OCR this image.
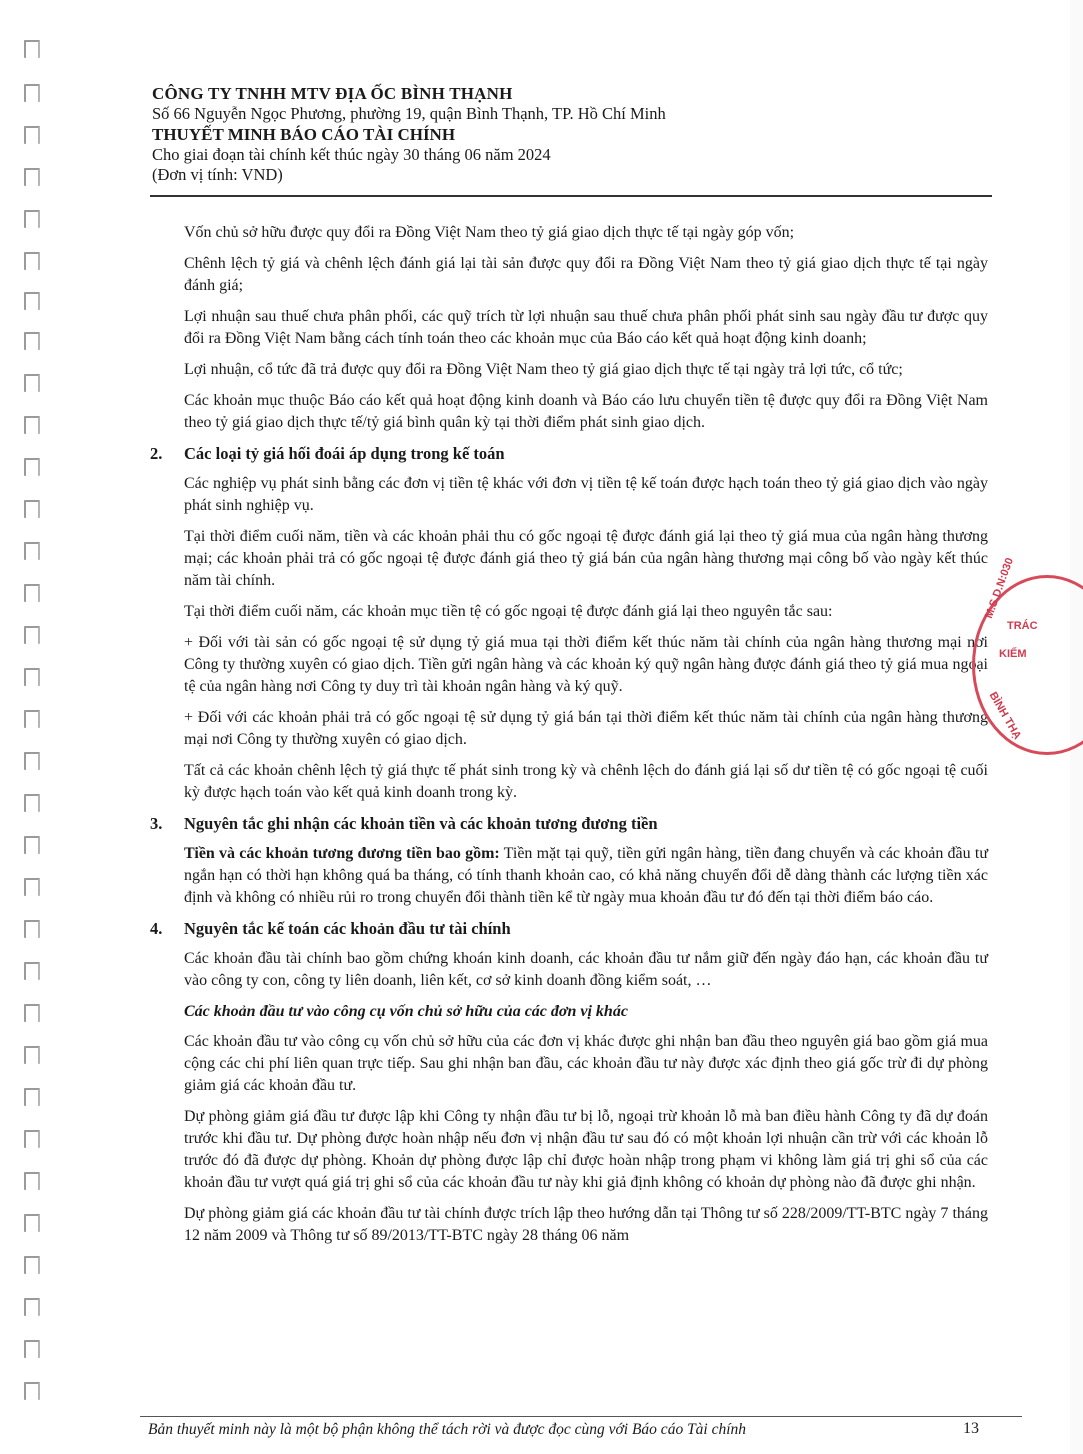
CÔNG TY TNHH MTV ĐỊA ỐC BÌNH THẠNH
Số 66 Nguyễn Ngọc Phương, phường 19, quận Bình Thạnh, TP. Hồ Chí Minh
THUYẾT MINH BÁO CÁO TÀI CHÍNH
Cho giai đoạn tài chính kết thúc ngày 30 tháng 06 năm 2024
(Đơn vị tính: VND)

Vốn chủ sở hữu được quy đổi ra Đồng Việt Nam theo tỷ giá giao dịch thực tế tại ngày góp vốn;

Chênh lệch tỷ giá và chênh lệch đánh giá lại tài sản được quy đổi ra Đồng Việt Nam theo tỷ giá giao dịch thực tế tại ngày đánh giá;

Lợi nhuận sau thuế chưa phân phối, các quỹ trích từ lợi nhuận sau thuế chưa phân phối phát sinh sau ngày đầu tư được quy đổi ra Đồng Việt Nam bằng cách tính toán theo các khoản mục của Báo cáo kết quả hoạt động kinh doanh;

Lợi nhuận, cổ tức đã trả được quy đổi ra Đồng Việt Nam theo tỷ giá giao dịch thực tế tại ngày trả lợi tức, cổ tức;

Các khoản mục thuộc Báo cáo kết quả hoạt động kinh doanh và Báo cáo lưu chuyển tiền tệ được quy đổi ra Đồng Việt Nam theo tỷ giá giao dịch thực tế/tỷ giá bình quân kỳ tại thời điểm phát sinh giao dịch.

2.	Các loại tỷ giá hối đoái áp dụng trong kế toán

Các nghiệp vụ phát sinh bằng các đơn vị tiền tệ khác với đơn vị tiền tệ kế toán được hạch toán theo tỷ giá giao dịch vào ngày phát sinh nghiệp vụ.

Tại thời điểm cuối năm, tiền và các khoản phải thu có gốc ngoại tệ được đánh giá lại theo tỷ giá mua của ngân hàng thương mại; các khoản phải trả có gốc ngoại tệ được đánh giá theo tỷ giá bán của ngân hàng thương mại công bố vào ngày kết thúc năm tài chính.

Tại thời điểm cuối năm, các khoản mục tiền tệ có gốc ngoại tệ được đánh giá lại theo nguyên tắc sau:

+ Đối với tài sản có gốc ngoại tệ sử dụng tỷ giá mua tại thời điểm kết thúc năm tài chính của ngân hàng thương mại nơi Công ty thường xuyên có giao dịch. Tiền gửi ngân hàng và các khoản ký quỹ ngân hàng được đánh giá theo tỷ giá mua ngoại tệ của ngân hàng nơi Công ty duy trì tài khoản ngân hàng và ký quỹ.

+ Đối với các khoản phải trả có gốc ngoại tệ sử dụng tỷ giá bán tại thời điểm kết thúc năm tài chính của ngân hàng thương mại nơi Công ty thường xuyên có giao dịch.

Tất cả các khoản chênh lệch tỷ giá thực tế phát sinh trong kỳ và chênh lệch do đánh giá lại số dư tiền tệ có gốc ngoại tệ cuối kỳ được hạch toán vào kết quả kinh doanh trong kỳ.

3.	Nguyên tắc ghi nhận các khoản tiền và các khoản tương đương tiền

Tiền và các khoản tương đương tiền bao gồm: Tiền mặt tại quỹ, tiền gửi ngân hàng, tiền đang chuyển và các khoản đầu tư ngắn hạn có thời hạn không quá ba tháng, có tính thanh khoản cao, có khả năng chuyển đổi dễ dàng thành các lượng tiền xác định và không có nhiều rủi ro trong chuyển đổi thành tiền kể từ ngày mua khoản đầu tư đó đến tại thời điểm báo cáo.

4.	Nguyên tắc kế toán các khoản đầu tư tài chính

Các khoản đầu tài chính bao gồm chứng khoán kinh doanh, các khoản đầu tư nắm giữ đến ngày đáo hạn, các khoản đầu tư vào công ty con, công ty liên doanh, liên kết, cơ sở kinh doanh đồng kiểm soát, …

Các khoản đầu tư vào công cụ vốn chủ sở hữu của các đơn vị khác

Các khoản đầu tư vào công cụ vốn chủ sở hữu của các đơn vị khác được ghi nhận ban đầu theo nguyên giá bao gồm giá mua cộng các chi phí liên quan trực tiếp. Sau ghi nhận ban đầu, các khoản đầu tư này được xác định theo giá gốc trừ đi dự phòng giảm giá các khoản đầu tư.

Dự phòng giảm giá đầu tư được lập khi Công ty nhận đầu tư bị lỗ, ngoại trừ khoản lỗ mà ban điều hành Công ty đã dự đoán trước khi đầu tư. Dự phòng được hoàn nhập nếu đơn vị nhận đầu tư sau đó có một khoản lợi nhuận cần trừ với các khoản lỗ trước đó đã được dự phòng. Khoản dự phòng được lập chỉ được hoàn nhập trong phạm vi không làm giá trị ghi sổ của các khoản đầu tư vượt quá giá trị ghi sổ của các khoản đầu tư này khi giả định không có khoản dự phòng nào đã được ghi nhận.

Dự phòng giảm giá các khoản đầu tư tài chính được trích lập theo hướng dẫn tại Thông tư số 228/2009/TT-BTC ngày 7 tháng 12 năm 2009 và Thông tư số 89/2013/TT-BTC ngày 28 tháng 06 năm

M.S.D.N:030
TRÁC
KIẾM
BÌNH THẠ
Bản thuyết minh này là một bộ phận không thể tách rời và được đọc cùng với Báo cáo Tài chính	13
